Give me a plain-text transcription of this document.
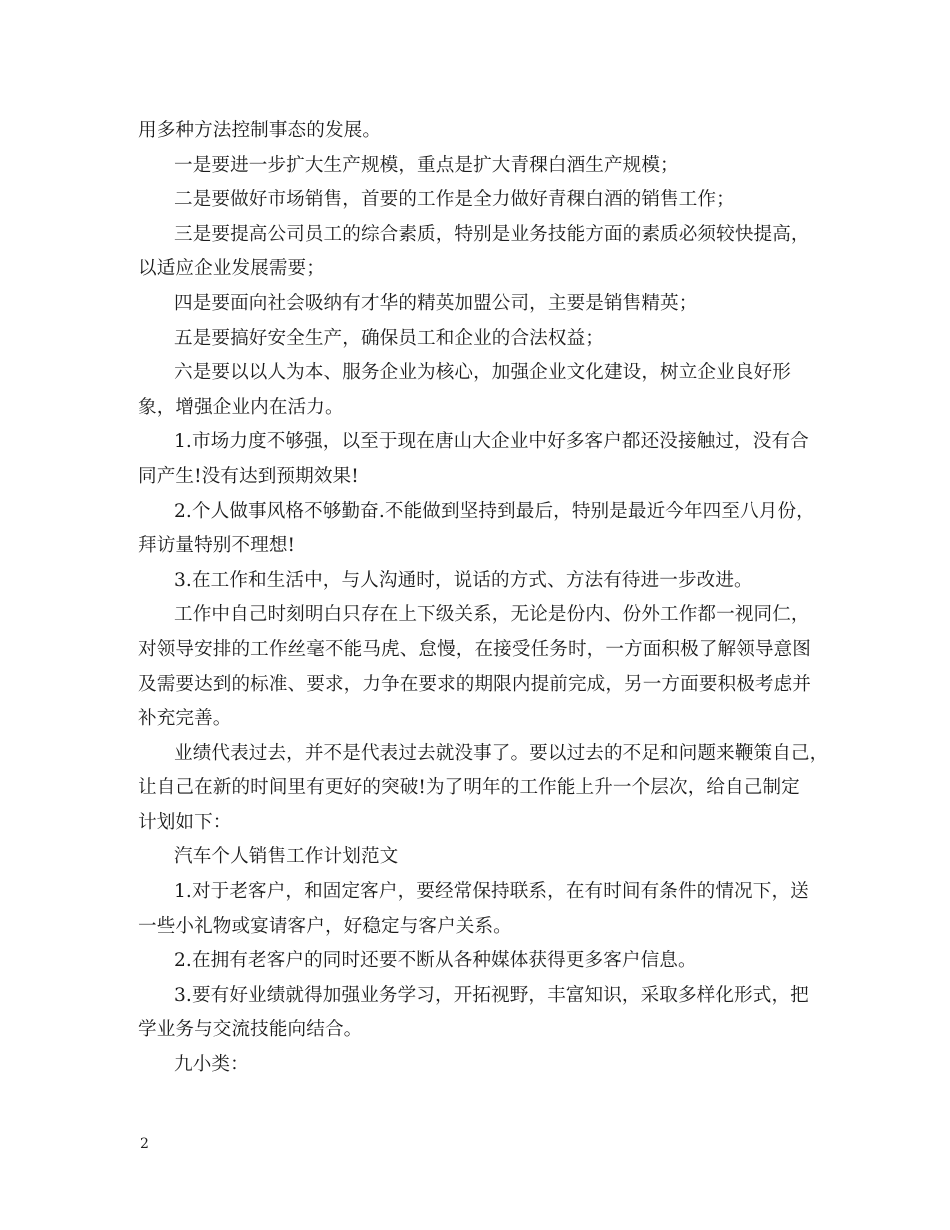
用多种方法控制事态的发展。
一是要进一步扩大生产规模，重点是扩大青稞白酒生产规模；
二是要做好市场销售，首要的工作是全力做好青稞白酒的销售工作；
三是要提高公司员工的综合素质，特别是业务技能方面的素质必须较快提高，
以适应企业发展需要；
四是要面向社会吸纳有才华的精英加盟公司，主要是销售精英；
五是要搞好安全生产，确保员工和企业的合法权益；
六是要以以人为本、服务企业为核心，加强企业文化建设，树立企业良好形
象，增强企业内在活力。
1.市场力度不够强，以至于现在唐山大企业中好多客户都还没接触过，没有合
同产生!没有达到预期效果!
2.个人做事风格不够勤奋.不能做到坚持到最后，特别是最近今年四至八月份，
拜访量特别不理想!
3.在工作和生活中，与人沟通时，说话的方式、方法有待进一步改进。
工作中自己时刻明白只存在上下级关系，无论是份内、份外工作都一视同仁，
对领导安排的工作丝毫不能马虎、怠慢，在接受任务时，一方面积极了解领导意图
及需要达到的标准、要求，力争在要求的期限内提前完成，另一方面要积极考虑并
补充完善。
业绩代表过去，并不是代表过去就没事了。要以过去的不足和问题来鞭策自己，
让自己在新的时间里有更好的突破!为了明年的工作能上升一个层次，给自己制定
计划如下：
汽车个人销售工作计划范文
1.对于老客户，和固定客户，要经常保持联系，在有时间有条件的情况下，送
一些小礼物或宴请客户，好稳定与客户关系。
2.在拥有老客户的同时还要不断从各种媒体获得更多客户信息。
3.要有好业绩就得加强业务学习，开拓视野，丰富知识，采取多样化形式，把
学业务与交流技能向结合。
九小类：
2
